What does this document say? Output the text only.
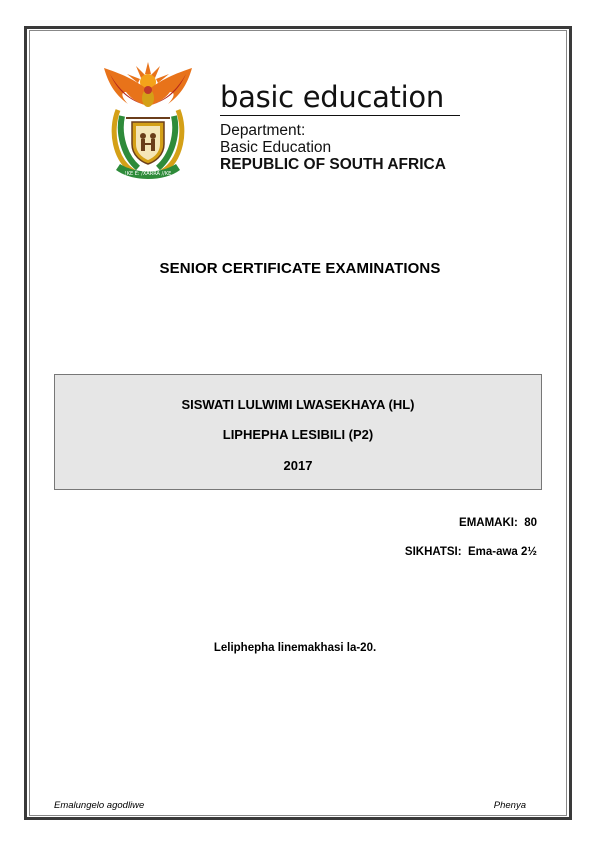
!KE E: /XARRA //KE

basic education

Department:

Basic Education

REPUBLIC OF SOUTH AFRICA

SENIOR CERTIFICATE EXAMINATIONS
SISWATI LULWIMI LWASEKHAYA (HL)
LIPHEPHA LESIBILI (P2)
2017
EMAMAKI:  80
SIKHATSI:  Ema-awa 2½
Leliphepha linemakhasi la-20.
Emalungelo agodliwe	Phenya
